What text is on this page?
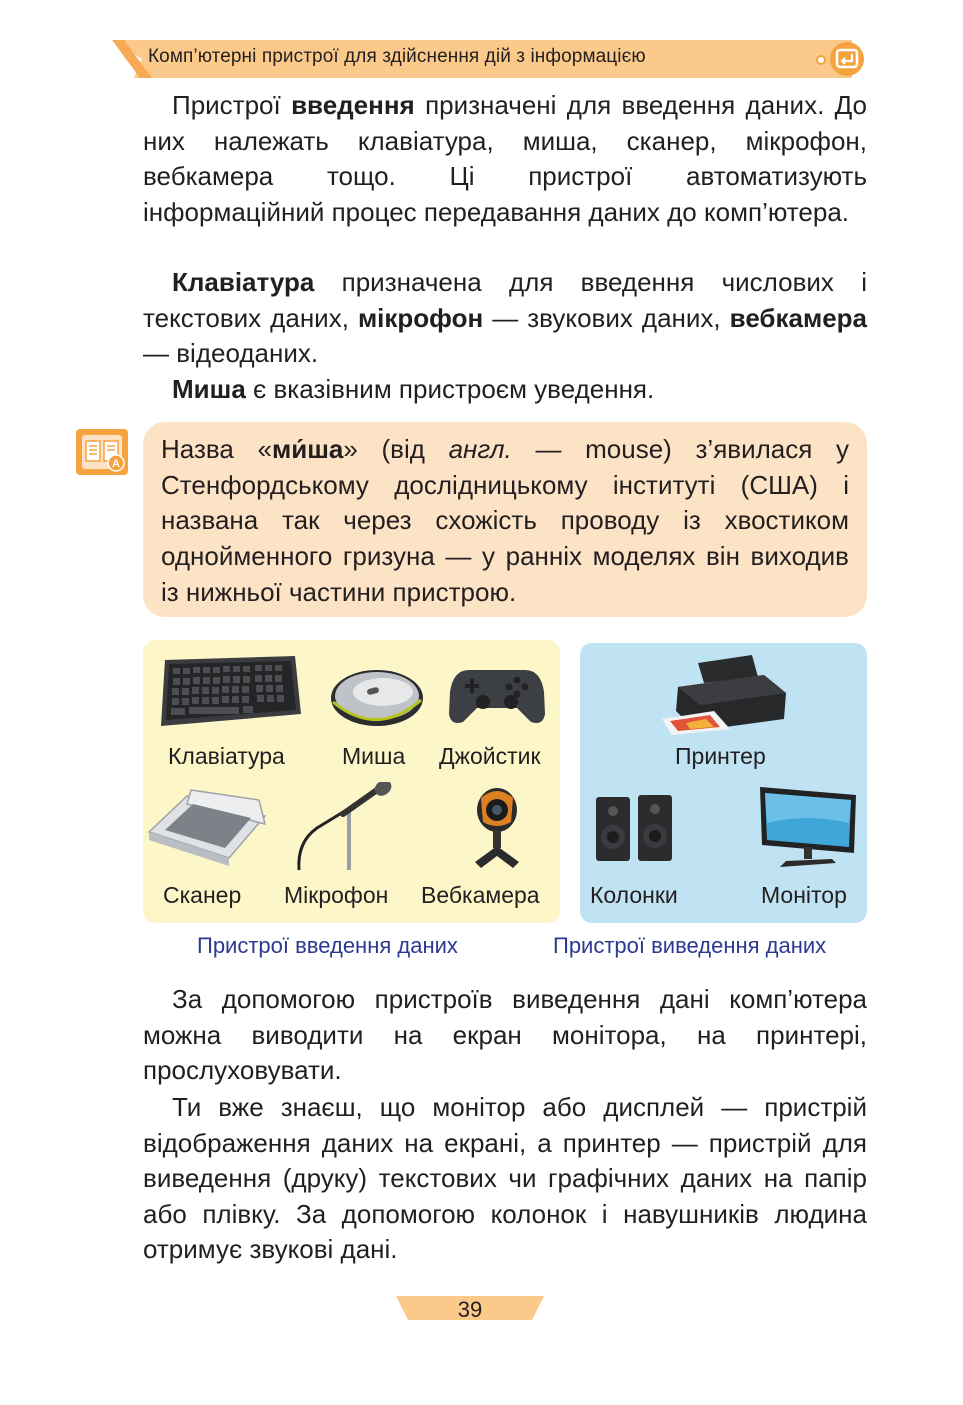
Комп’ютерні пристрої для здійснення дій з інформацією

Пристрої введення призначені для введення даних. До них належать клавіатура, миша, сканер, мікрофон, вебкамера тощо. Ці пристрої автоматизують інформаційний процес передавання даних до комп’ютера.

Клавіатура призначена для введення числових і текстових даних, мікрофон — звукових даних, вебкамера — відеоданих.

Миша є вказівним пристроєм уведення.

A Назва «ми́ша» (від англ. — mouse) з’явилася у Стенфордському дослідницькому інституті (США) і названа так через схожість проводу із хвостиком однойменного гризуна — у ранніх моделях він виходив із нижньої частини пристрою.
Клавіатура Миша Джойстик
Сканер Мікрофон Вебкамера
Принтер
Колонки	Монітор
Пристрої введення даних	Пристрої виведення даних

За допомогою пристроїв виведення дані комп’ютера можна виводити на екран монітора, на принтері, прослуховувати.

Ти вже знаєш, що монітор або дисплей — пристрій відображення даних на екрані, а принтер — пристрій для виведення (друку) текстових чи графічних даних на папір або плівку. За допомогою колонок і навушників людина отримує звукові дані.

39
